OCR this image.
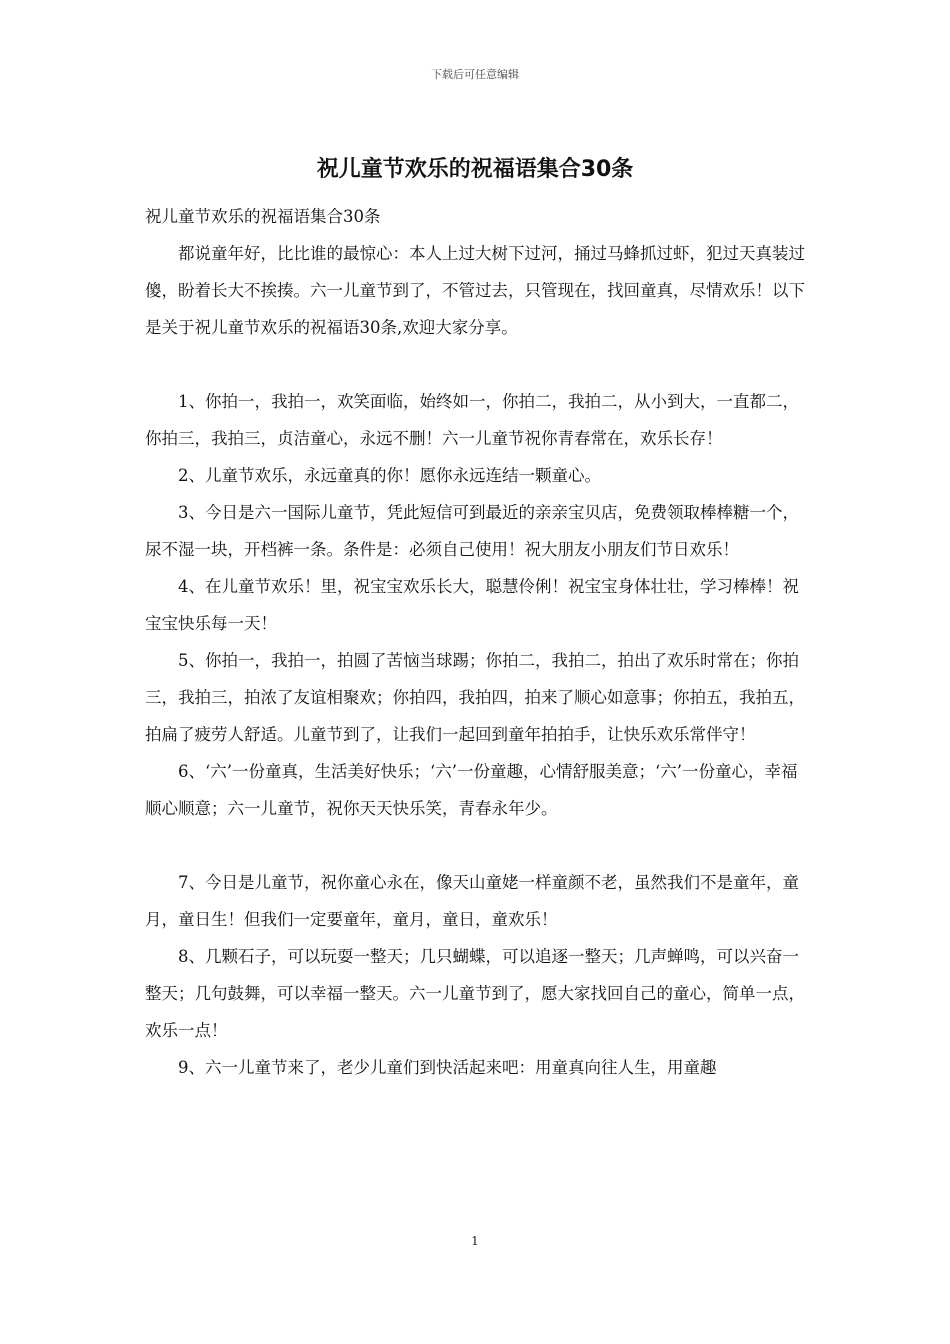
下载后可任意编辑
祝儿童节欢乐的祝福语集合30条

祝儿童节欢乐的祝福语集合30条

都说童年好，比比谁的最惊心：本人上过大树下过河，捅过马蜂抓过虾，犯过天真装过傻，盼着长大不挨揍。六一儿童节到了，不管过去，只管现在，找回童真，尽情欢乐！以下是关于祝儿童节欢乐的祝福语30条,欢迎大家分享。

1、你拍一，我拍一，欢笑面临，始终如一，你拍二，我拍二，从小到大，一直都二，你拍三，我拍三，贞洁童心，永远不删！六一儿童节祝你青春常在，欢乐长存！

2、儿童节欢乐，永远童真的你！愿你永远连结一颗童心。

3、今日是六一国际儿童节，凭此短信可到最近的亲亲宝贝店，免费领取棒棒糖一个，尿不湿一块，开档裤一条。条件是：必须自己使用！祝大朋友小朋友们节日欢乐！

4、在儿童节欢乐！里，祝宝宝欢乐长大，聪慧伶俐！祝宝宝身体壮壮，学习棒棒！祝宝宝快乐每一天！

5、你拍一，我拍一，拍圆了苦恼当球踢；你拍二，我拍二，拍出了欢乐时常在；你拍三，我拍三，拍浓了友谊相聚欢；你拍四，我拍四，拍来了顺心如意事；你拍五，我拍五，拍扁了疲劳人舒适。儿童节到了，让我们一起回到童年拍拍手，让快乐欢乐常伴守！

6、‘六’一份童真，生活美好快乐；‘六’一份童趣，心情舒服美意；‘六’一份童心，幸福顺心顺意；六一儿童节，祝你天天快乐笑，青春永年少。

7、今日是儿童节，祝你童心永在，像天山童姥一样童颜不老，虽然我们不是童年，童月，童日生！但我们一定要童年，童月，童日，童欢乐！

8、几颗石子，可以玩耍一整天；几只蝴蝶，可以追逐一整天；几声蝉鸣，可以兴奋一整天；几句鼓舞，可以幸福一整天。六一儿童节到了，愿大家找回自己的童心，简单一点，欢乐一点！

9、六一儿童节来了，老少儿童们到快活起来吧：用童真向往人生，用童趣

1
